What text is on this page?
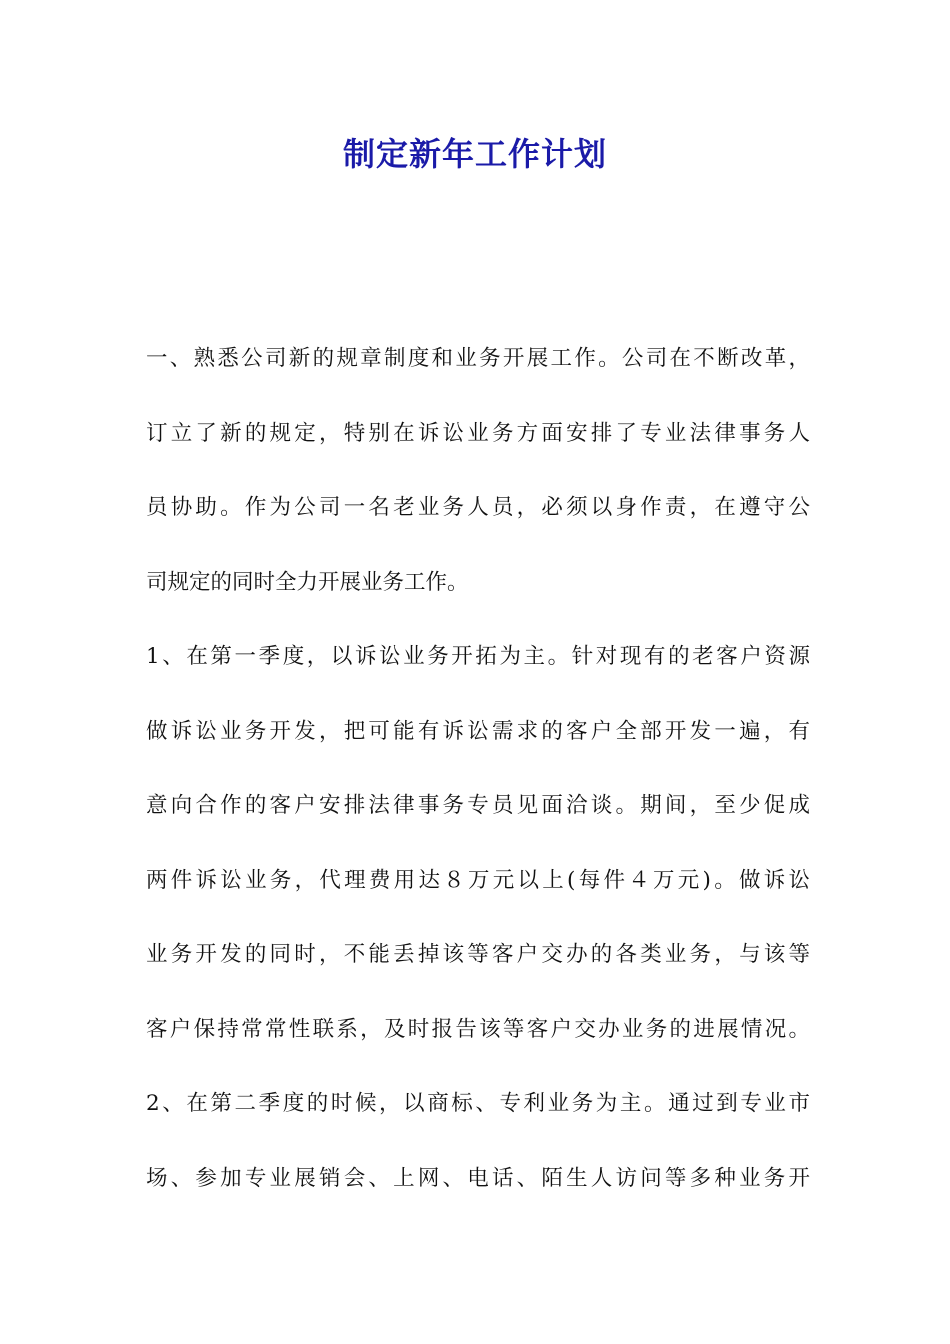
制定新年工作计划
一、熟悉公司新的规章制度和业务开展工作。公司在不断改革，
订立了新的规定，特别在诉讼业务方面安排了专业法律事务人
员协助。作为公司一名老业务人员，必须以身作责，在遵守公
司规定的同时全力开展业务工作。
1、在第一季度，以诉讼业务开拓为主。针对现有的老客户资源
做诉讼业务开发，把可能有诉讼需求的客户全部开发一遍，有
意向合作的客户安排法律事务专员见面洽谈。期间，至少促成
两件诉讼业务，代理费用达８万元以上(每件４万元)。做诉讼
业务开发的同时，不能丢掉该等客户交办的各类业务，与该等
客户保持常常性联系，及时报告该等客户交办业务的进展情况。
2、在第二季度的时候，以商标、专利业务为主。通过到专业市
场、参加专业展销会、上网、电话、陌生人访问等多种业务开
